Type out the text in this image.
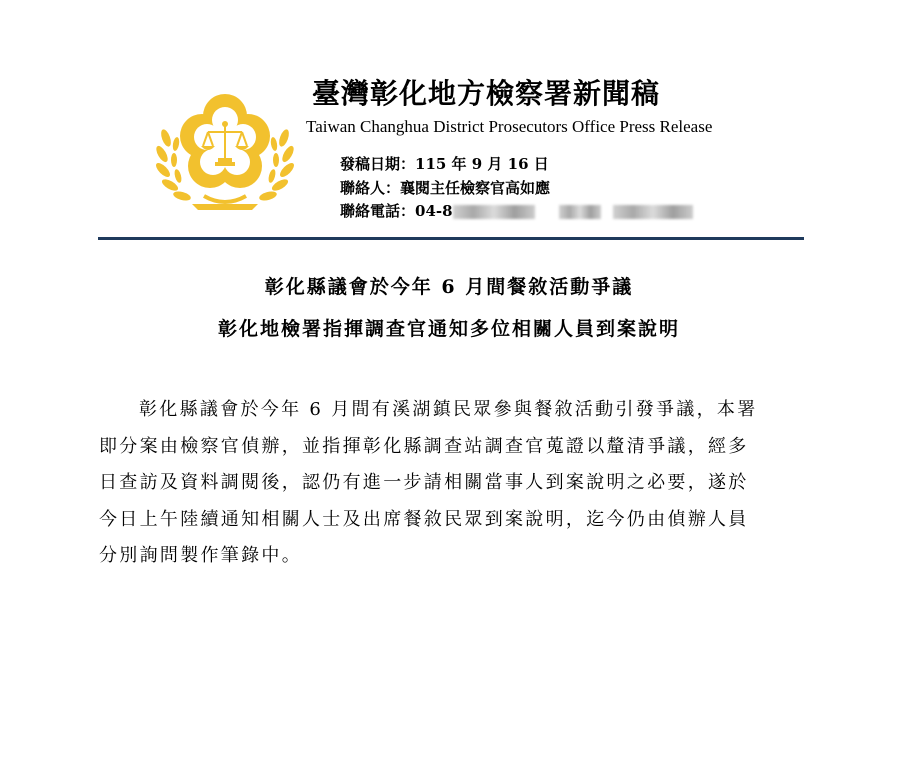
臺灣彰化地方檢察署新聞稿
Taiwan Changhua District Prosecutors Office Press Release
發稿日期：115 年 9 月 16 日
聯絡人：襄閱主任檢察官高如應
聯絡電話：04-8
彰化縣議會於今年 6 月間餐敘活動爭議
彰化地檢署指揮調查官通知多位相關人員到案說明
彰化縣議會於今年 6 月間有溪湖鎮民眾參與餐敘活動引發爭議，本署
即分案由檢察官偵辦，並指揮彰化縣調查站調查官蒐證以釐清爭議，經多
日查訪及資料調閱後，認仍有進一步請相關當事人到案說明之必要，遂於
今日上午陸續通知相關人士及出席餐敘民眾到案說明，迄今仍由偵辦人員
分別詢問製作筆錄中。
